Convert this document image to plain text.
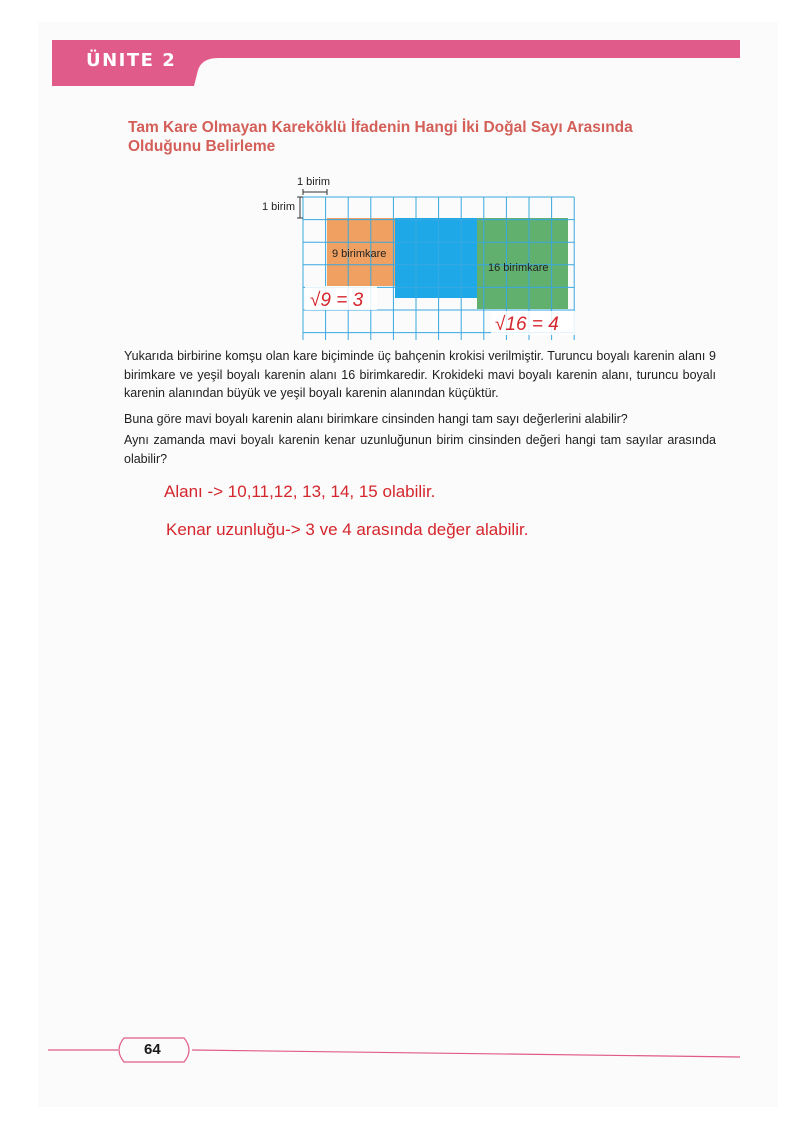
ÜNITE 2
Tam Kare Olmayan Kareköklü İfadenin Hangi İki Doğal Sayı Arasında Olduğunu Belirleme
1 birim
1 birim
9 birimkare
16 birimkare
√9 = 3
√16 = 4

Yukarıda birbirine komşu olan kare biçiminde üç bahçenin krokisi verilmiştir. Turuncu boyalı karenin alanı 9 birimkare ve yeşil boyalı karenin alanı 16 birimkaredir. Krokideki mavi boyalı karenin alanı, turuncu boyalı karenin alanından büyük ve yeşil boyalı karenin alanından küçüktür.

Buna göre mavi boyalı karenin alanı birimkare cinsinden hangi tam sayı değerlerini alabilir?

Aynı zamanda mavi boyalı karenin kenar uzunluğunun birim cinsinden değeri hangi tam sayılar arasında olabilir?

Alanı -> 10,11,12, 13, 14, 15 olabilir.
Kenar uzunluğu-> 3 ve 4 arasında değer alabilir.
64
